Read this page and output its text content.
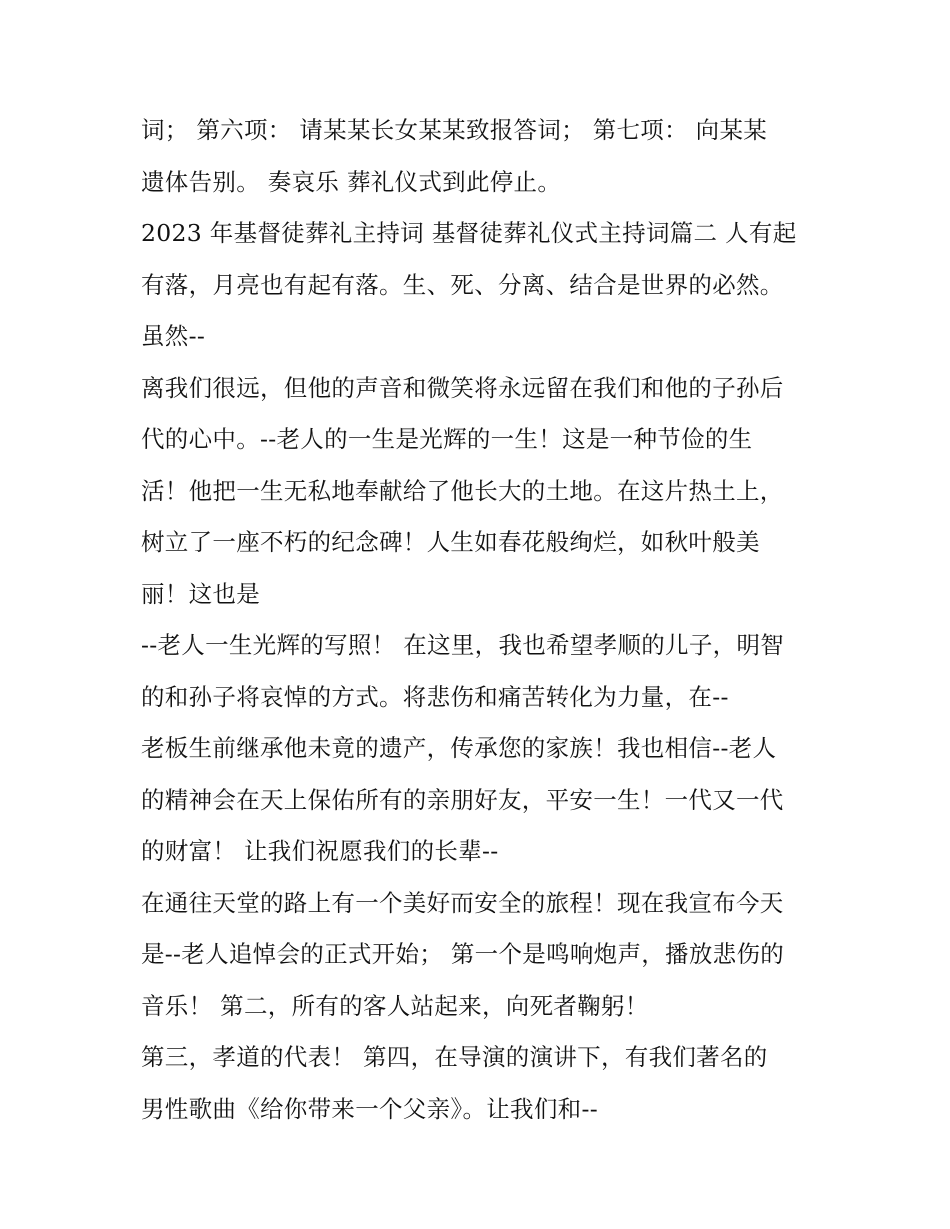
词； 第六项： 请某某长女某某致报答词； 第七项： 向某某
遗体告别。 奏哀乐 葬礼仪式到此停止。
2023 年基督徒葬礼主持词 基督徒葬礼仪式主持词篇二 人有起
有落，月亮也有起有落。生、死、分离、结合是世界的必然。
虽然--
离我们很远，但他的声音和微笑将永远留在我们和他的子孙后
代的心中。--老人的一生是光辉的一生！这是一种节俭的生
活！他把一生无私地奉献给了他长大的土地。在这片热土上，
树立了一座不朽的纪念碑！人生如春花般绚烂，如秋叶般美
丽！这也是
--老人一生光辉的写照！ 在这里，我也希望孝顺的儿子，明智
的和孙子将哀悼的方式。将悲伤和痛苦转化为力量，在--
老板生前继承他未竟的遗产，传承您的家族！我也相信--老人
的精神会在天上保佑所有的亲朋好友，平安一生！一代又一代
的财富！ 让我们祝愿我们的长辈--
在通往天堂的路上有一个美好而安全的旅程！现在我宣布今天
是--老人追悼会的正式开始； 第一个是鸣响炮声，播放悲伤的
音乐！ 第二，所有的客人站起来，向死者鞠躬！
第三，孝道的代表！ 第四，在导演的演讲下，有我们著名的
男性歌曲《给你带来一个父亲》。让我们和--
